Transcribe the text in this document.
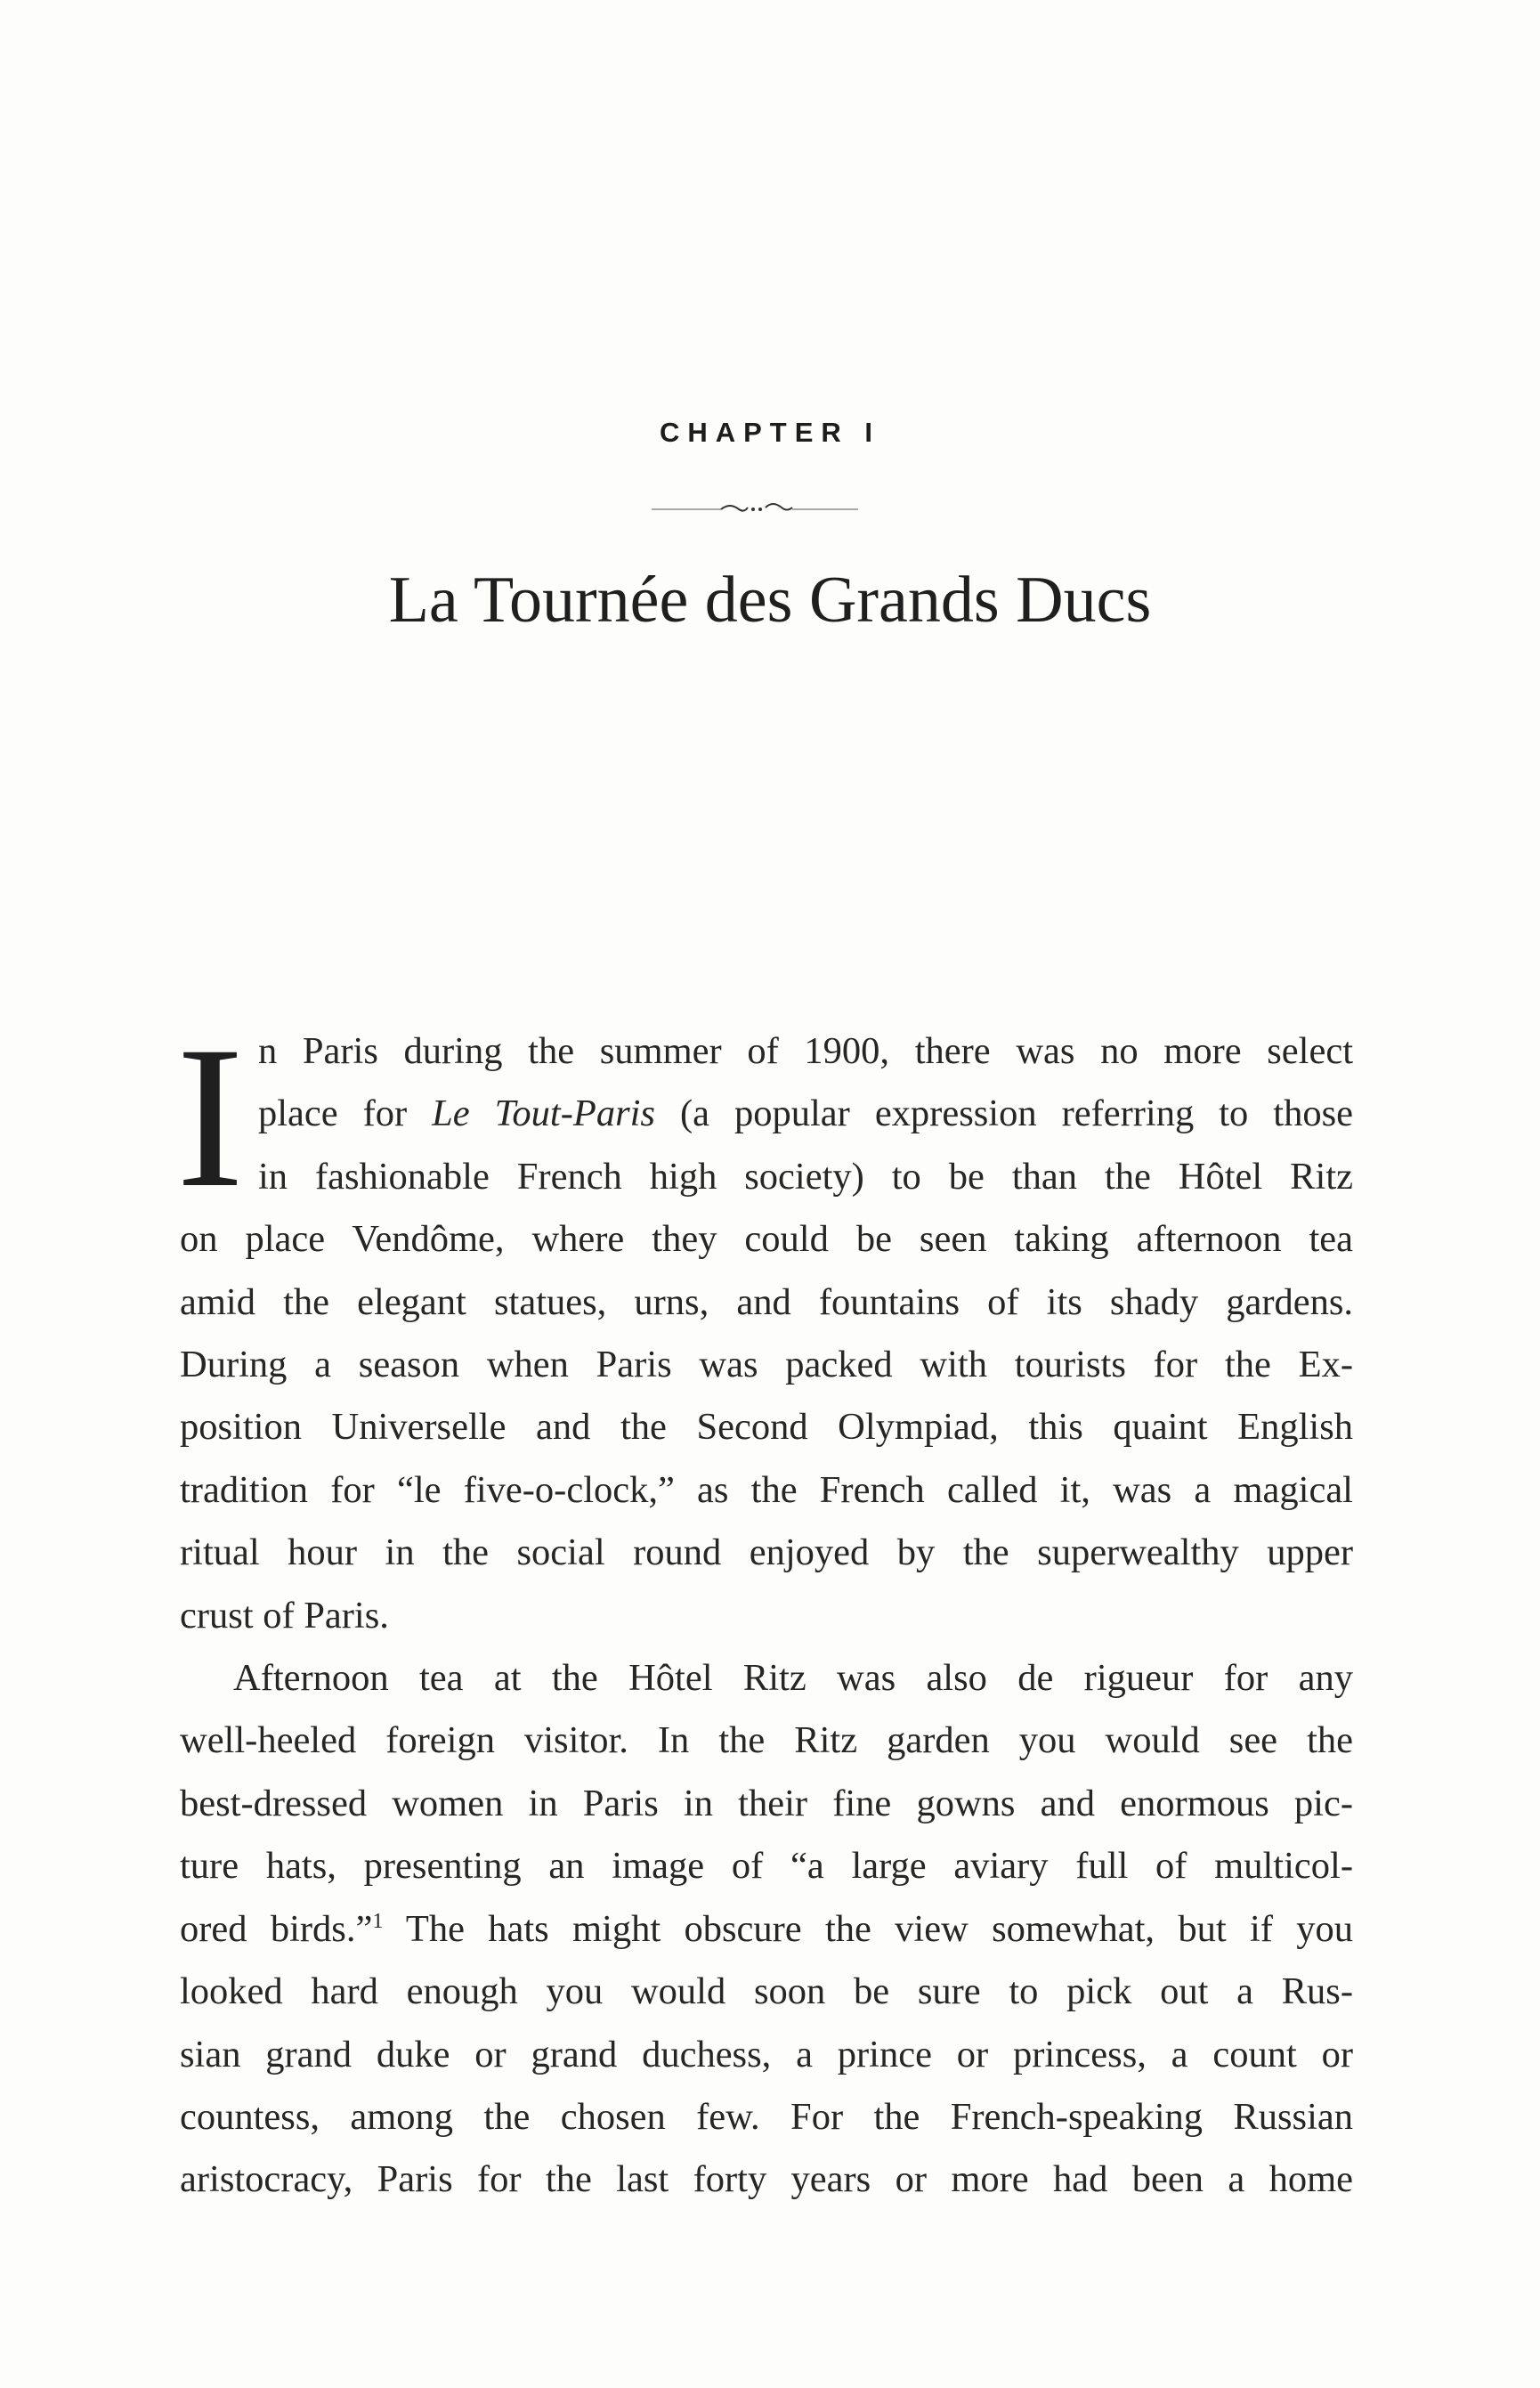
CHAPTER I
La Tournée des Grands Ducs
I n Paris during the summer of 1900, there was no more select
place for Le Tout-Paris (a popular expression referring to those
in fashionable French high society) to be than the Hôtel Ritz
on place Vendôme, where they could be seen taking afternoon tea
amid the elegant statues, urns, and fountains of its shady gardens.
During a season when Paris was packed with tourists for the Ex-
position Universelle and the Second Olympiad, this quaint English
tradition for “le five-o-clock,” as the French called it, was a magical
ritual hour in the social round enjoyed by the superwealthy upper
crust of Paris.
Afternoon tea at the Hôtel Ritz was also de rigueur for any
well-heeled foreign visitor. In the Ritz garden you would see the
best-dressed women in Paris in their fine gowns and enormous pic-
ture hats, presenting an image of “a large aviary full of multicol-
ored birds.”$^1$ The hats might obscure the view somewhat, but if you
looked hard enough you would soon be sure to pick out a Rus-
sian grand duke or grand duchess, a prince or princess, a count or
countess, among the chosen few. For the French-speaking Russian
aristocracy, Paris for the last forty years or more had been a home
